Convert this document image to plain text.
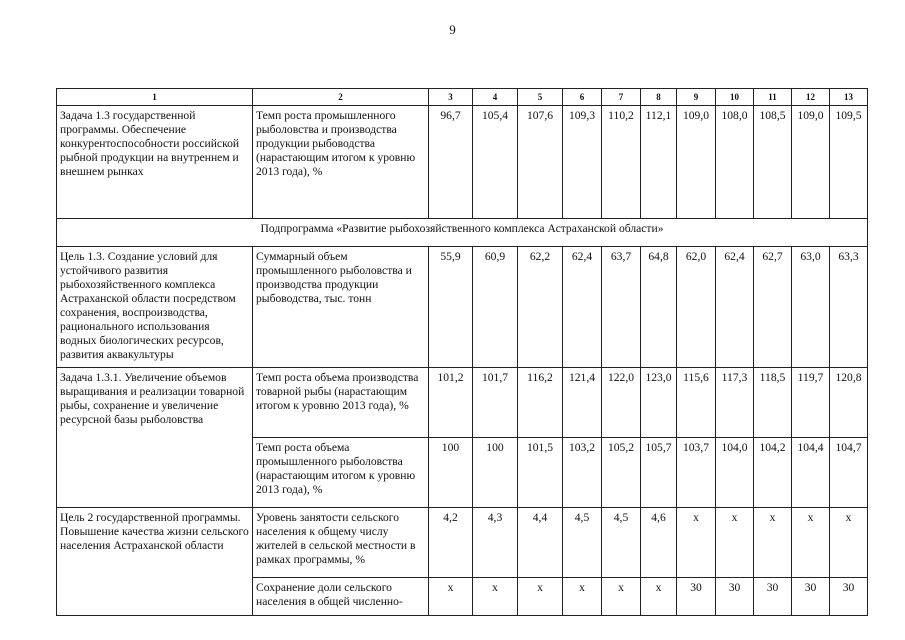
9
1	2	3	4	5	6	7	8	9	10	11	12	13
Задача 1.3 государственной программы. Обеспечение конкурентоспособности российской рыбной продукции на внутреннем и внешнем рынках	Темп роста промышленного рыболовства и производства продукции рыбоводства (нарастающим итогом к уровню 2013 года), %	96,7	105,4	107,6	109,3	110,2	112,1	109,0	108,0	108,5	109,0	109,5
Подпрограмма «Развитие рыбохозяйственного комплекса Астраханской области»												
Цель 1.3. Создание условий для устойчивого развития рыбохозяйственного комплекса Астраханской области посредством сохранения, воспроизводства, рационального использования водных биологических ресурсов, развития аквакультуры	Суммарный объем промышленного рыболовства и производства продукции рыбоводства, тыс. тонн	55,9	60,9	62,2	62,4	63,7	64,8	62,0	62,4	62,7	63,0	63,3
Задача 1.3.1. Увеличение объемов выращивания и реализации товарной рыбы, сохранение и увеличение ресурсной базы рыболовства	Темп роста объема производства товарной рыбы (нарастающим итогом к уровню 2013 года), %	101,2	101,7	116,2	121,4	122,0	123,0	115,6	117,3	118,5	119,7	120,8
	Темп роста объема промышленного рыболовства (нарастающим итогом к уровню 2013 года), %	100	100	101,5	103,2	105,2	105,7	103,7	104,0	104,2	104,4	104,7
Цель 2 государственной программы. Повышение качества жизни сельского населения Астраханской области	Уровень занятости сельского населения к общему числу жителей в сельской местности в рамках программы, %	4,2	4,3	4,4	4,5	4,5	4,6	х	х	х	х	х
	Сохранение доли сельского населения в общей численно-	х	х	х	х	х	х	30	30	30	30	30
